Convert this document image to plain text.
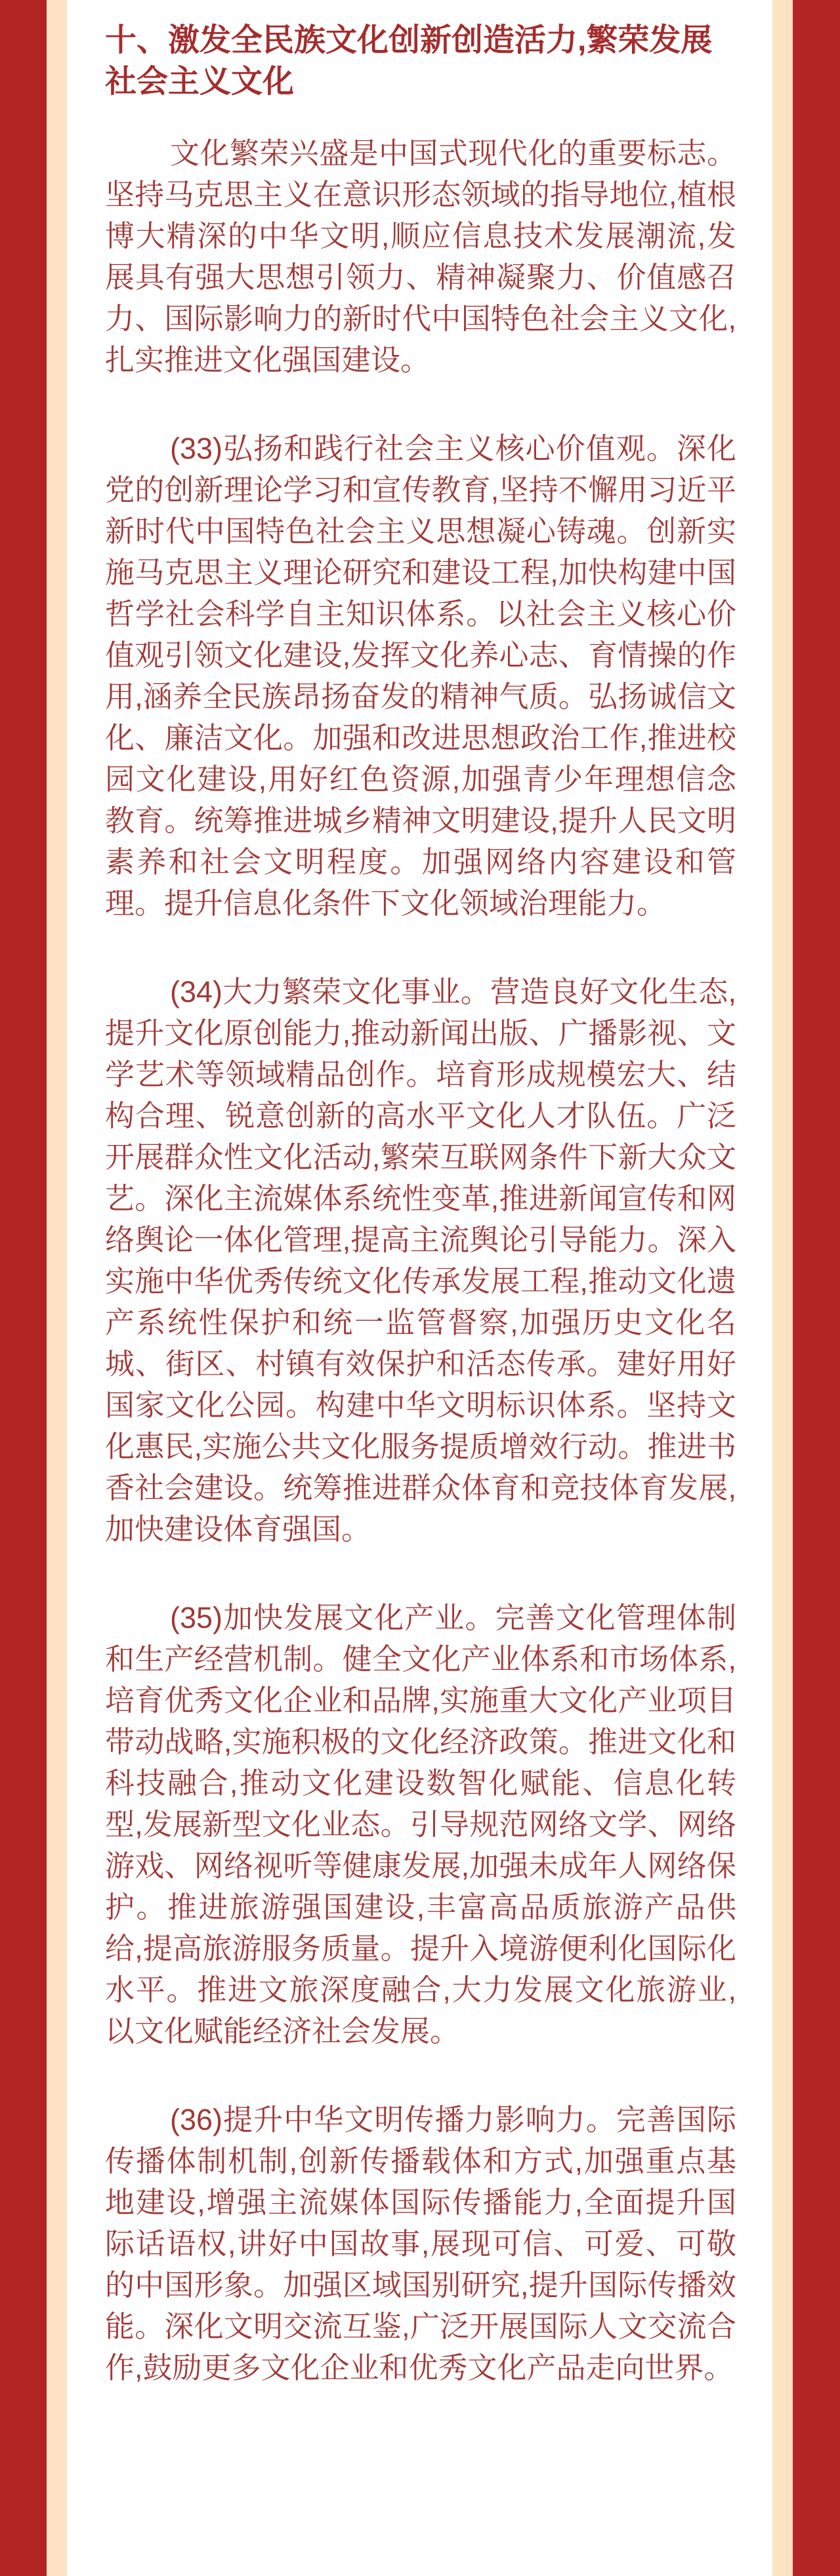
十、激发全民族文化创新创造活力,繁荣发展社会主义文化

文化繁荣兴盛是中国式现代化的重要标志。坚持马克思主义在意识形态领域的指导地位,植根博大精深的中华文明,顺应信息技术发展潮流,发展具有强大思想引领力、精神凝聚力、价值感召力、国际影响力的新时代中国特色社会主义文化,扎实推进文化强国建设。

(33)弘扬和践行社会主义核心价值观。深化党的创新理论学习和宣传教育,坚持不懈用习近平新时代中国特色社会主义思想凝心铸魂。创新实施马克思主义理论研究和建设工程,加快构建中国哲学社会科学自主知识体系。以社会主义核心价值观引领文化建设,发挥文化养心志、育情操的作用,涵养全民族昂扬奋发的精神气质。弘扬诚信文化、廉洁文化。加强和改进思想政治工作,推进校园文化建设,用好红色资源,加强青少年理想信念教育。统筹推进城乡精神文明建设,提升人民文明素养和社会文明程度。加强网络内容建设和管理。提升信息化条件下文化领域治理能力。

(34)大力繁荣文化事业。营造良好文化生态,提升文化原创能力,推动新闻出版、广播影视、文学艺术等领域精品创作。培育形成规模宏大、结构合理、锐意创新的高水平文化人才队伍。广泛开展群众性文化活动,繁荣互联网条件下新大众文艺。深化主流媒体系统性变革,推进新闻宣传和网络舆论一体化管理,提高主流舆论引导能力。深入实施中华优秀传统文化传承发展工程,推动文化遗产系统性保护和统一监管督察,加强历史文化名城、街区、村镇有效保护和活态传承。建好用好国家文化公园。构建中华文明标识体系。坚持文化惠民,实施公共文化服务提质增效行动。推进书香社会建设。统筹推进群众体育和竞技体育发展,加快建设体育强国。

(35)加快发展文化产业。完善文化管理体制和生产经营机制。健全文化产业体系和市场体系,培育优秀文化企业和品牌,实施重大文化产业项目带动战略,实施积极的文化经济政策。推进文化和科技融合,推动文化建设数智化赋能、信息化转型,发展新型文化业态。引导规范网络文学、网络游戏、网络视听等健康发展,加强未成年人网络保护。推进旅游强国建设,丰富高品质旅游产品供给,提高旅游服务质量。提升入境游便利化国际化水平。推进文旅深度融合,大力发展文化旅游业,以文化赋能经济社会发展。

(36)提升中华文明传播力影响力。完善国际传播体制机制,创新传播载体和方式,加强重点基地建设,增强主流媒体国际传播能力,全面提升国际话语权,讲好中国故事,展现可信、可爱、可敬的中国形象。加强区域国别研究,提升国际传播效能。深化文明交流互鉴,广泛开展国际人文交流合作,鼓励更多文化企业和优秀文化产品走向世界。
